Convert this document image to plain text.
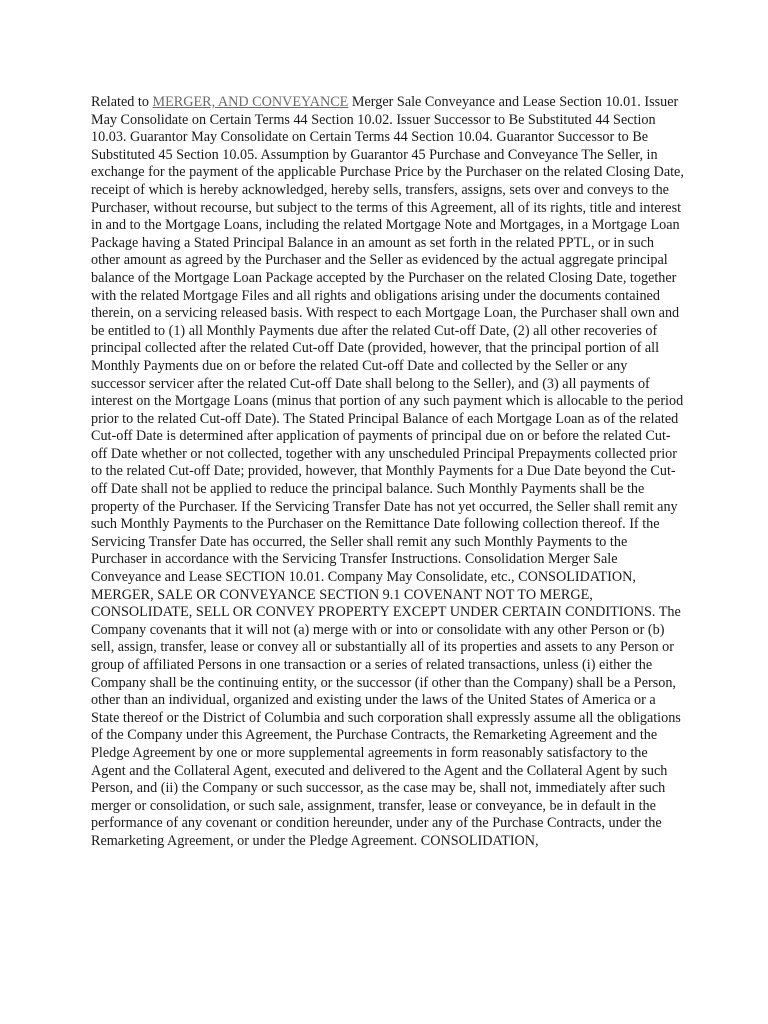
Related to MERGER, AND CONVEYANCE Merger Sale Conveyance and Lease Section 10.01. Issuer May Consolidate on Certain Terms 44 Section 10.02. Issuer Successor to Be Substituted 44 Section 10.03. Guarantor May Consolidate on Certain Terms 44 Section 10.04. Guarantor Successor to Be Substituted 45 Section 10.05. Assumption by Guarantor 45 Purchase and Conveyance The Seller, in exchange for the payment of the applicable Purchase Price by the Purchaser on the related Closing Date, receipt of which is hereby acknowledged, hereby sells, transfers, assigns, sets over and conveys to the Purchaser, without recourse, but subject to the terms of this Agreement, all of its rights, title and interest in and to the Mortgage Loans, including the related Mortgage Note and Mortgages, in a Mortgage Loan Package having a Stated Principal Balance in an amount as set forth in the related PPTL, or in such other amount as agreed by the Purchaser and the Seller as evidenced by the actual aggregate principal balance of the Mortgage Loan Package accepted by the Purchaser on the related Closing Date, together with the related Mortgage Files and all rights and obligations arising under the documents contained therein, on a servicing released basis. With respect to each Mortgage Loan, the Purchaser shall own and be entitled to (1) all Monthly Payments due after the related Cut-off Date, (2) all other recoveries of principal collected after the related Cut-off Date (provided, however, that the principal portion of all Monthly Payments due on or before the related Cut-off Date and collected by the Seller or any successor servicer after the related Cut-off Date shall belong to the Seller), and (3) all payments of interest on the Mortgage Loans (minus that portion of any such payment which is allocable to the period prior to the related Cut-off Date). The Stated Principal Balance of each Mortgage Loan as of the related Cut-off Date is determined after application of payments of principal due on or before the related Cut-off Date whether or not collected, together with any unscheduled Principal Prepayments collected prior to the related Cut-off Date; provided, however, that Monthly Payments for a Due Date beyond the Cut-off Date shall not be applied to reduce the principal balance. Such Monthly Payments shall be the property of the Purchaser. If the Servicing Transfer Date has not yet occurred, the Seller shall remit any such Monthly Payments to the Purchaser on the Remittance Date following collection thereof. If the Servicing Transfer Date has occurred, the Seller shall remit any such Monthly Payments to the Purchaser in accordance with the Servicing Transfer Instructions. Consolidation Merger Sale Conveyance and Lease SECTION 10.01. Company May Consolidate, etc., CONSOLIDATION, MERGER, SALE OR CONVEYANCE SECTION 9.1 COVENANT NOT TO MERGE, CONSOLIDATE, SELL OR CONVEY PROPERTY EXCEPT UNDER CERTAIN CONDITIONS. The Company covenants that it will not (a) merge with or into or consolidate with any other Person or (b) sell, assign, transfer, lease or convey all or substantially all of its properties and assets to any Person or group of affiliated Persons in one transaction or a series of related transactions, unless (i) either the Company shall be the continuing entity, or the successor (if other than the Company) shall be a Person, other than an individual, organized and existing under the laws of the United States of America or a State thereof or the District of Columbia and such corporation shall expressly assume all the obligations of the Company under this Agreement, the Purchase Contracts, the Remarketing Agreement and the Pledge Agreement by one or more supplemental agreements in form reasonably satisfactory to the Agent and the Collateral Agent, executed and delivered to the Agent and the Collateral Agent by such Person, and (ii) the Company or such successor, as the case may be, shall not, immediately after such merger or consolidation, or such sale, assignment, transfer, lease or conveyance, be in default in the performance of any covenant or condition hereunder, under any of the Purchase Contracts, under the Remarketing Agreement, or under the Pledge Agreement. CONSOLIDATION,
